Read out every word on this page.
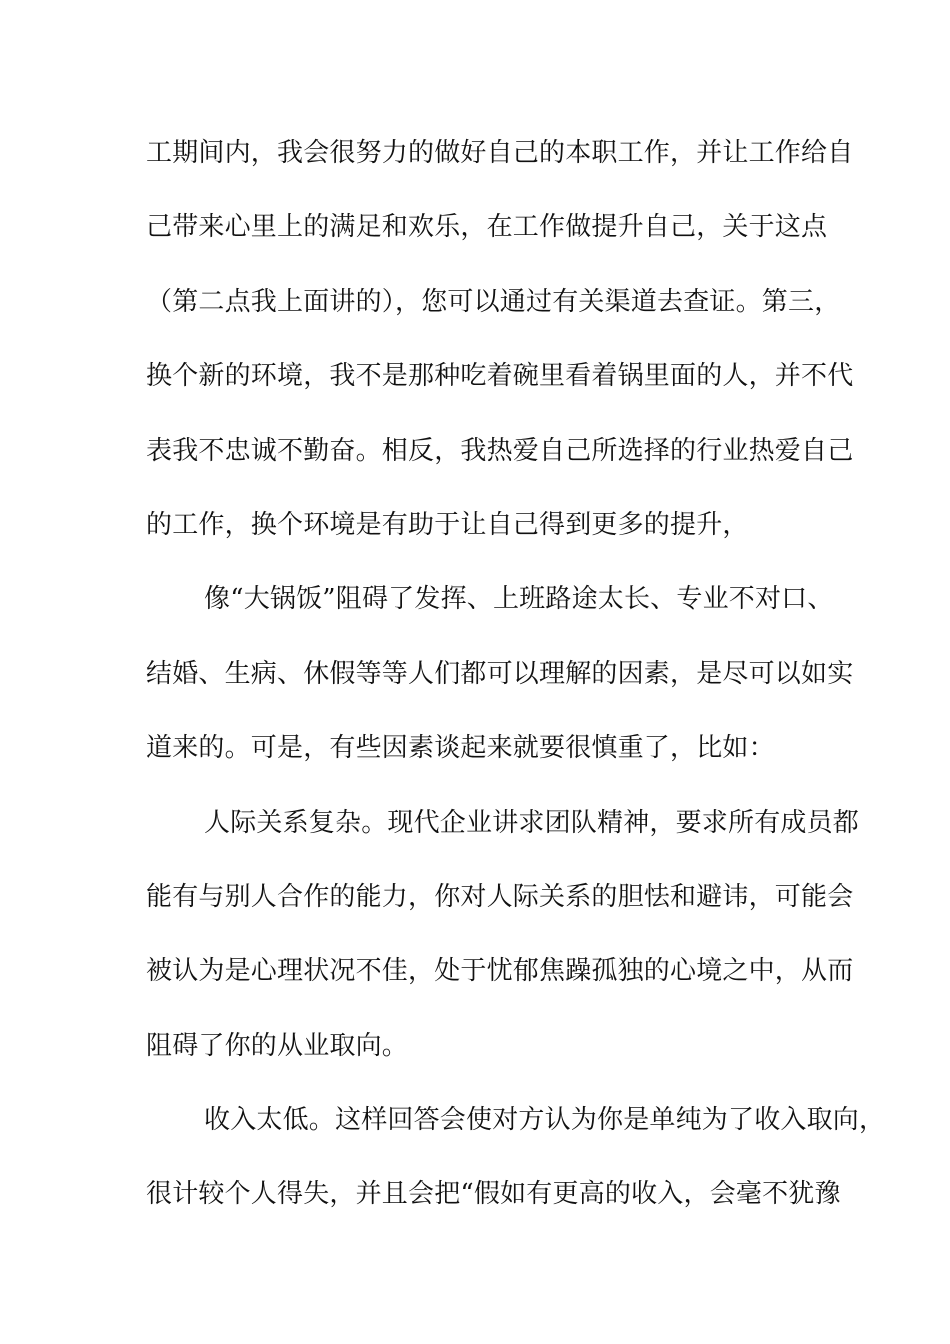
工期间内，我会很努力的做好自己的本职工作，并让工作给自
己带来心里上的满足和欢乐，在工作做提升自己，关于这点
（第二点我上面讲的），您可以通过有关渠道去查证。第三，
换个新的环境，我不是那种吃着碗里看着锅里面的人，并不代
表我不忠诚不勤奋。相反，我热爱自己所选择的行业热爱自己
的工作，换个环境是有助于让自己得到更多的提升，
像“大锅饭”阻碍了发挥、上班路途太长、专业不对口、
结婚、生病、休假等等人们都可以理解的因素，是尽可以如实
道来的。可是，有些因素谈起来就要很慎重了，比如：
人际关系复杂。现代企业讲求团队精神，要求所有成员都
能有与别人合作的能力，你对人际关系的胆怯和避讳，可能会
被认为是心理状况不佳，处于忧郁焦躁孤独的心境之中，从而
阻碍了你的从业取向。
收入太低。这样回答会使对方认为你是单纯为了收入取向，
很计较个人得失，并且会把“假如有更高的收入，会毫不犹豫
